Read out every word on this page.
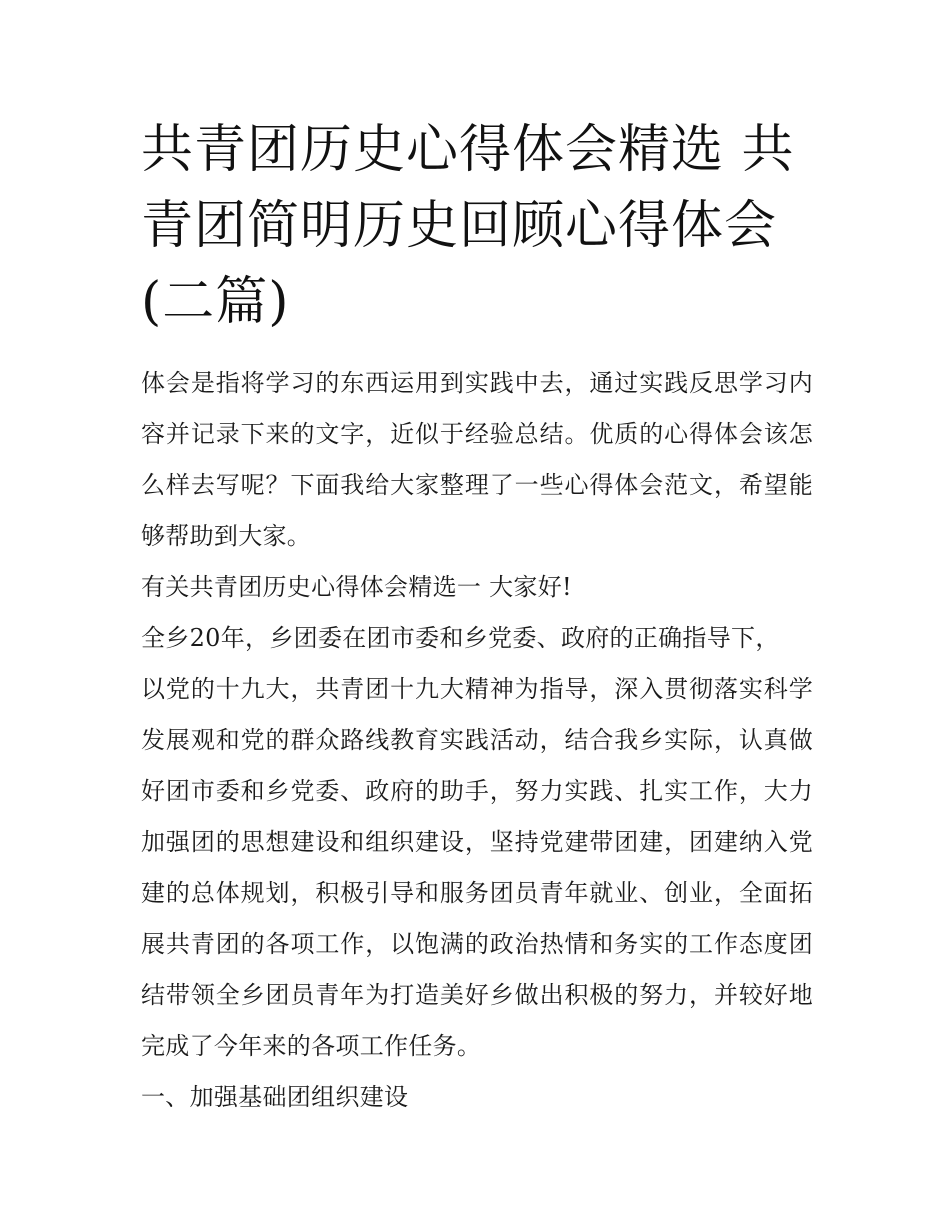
共青团历史心得体会精选 共青团简明历史回顾心得体会(二篇)

体会是指将学习的东西运用到实践中去，通过实践反思学习内容并记录下来的文字，近似于经验总结。优质的心得体会该怎么样去写呢？下面我给大家整理了一些心得体会范文，希望能够帮助到大家。

有关共青团历史心得体会精选一 大家好!

全乡20年，乡团委在团市委和乡党委、政府的正确指导下，

以党的十九大，共青团十九大精神为指导，深入贯彻落实科学发展观和党的群众路线教育实践活动，结合我乡实际，认真做好团市委和乡党委、政府的助手，努力实践、扎实工作，大力加强团的思想建设和组织建设，坚持党建带团建，团建纳入党建的总体规划，积极引导和服务团员青年就业、创业，全面拓展共青团的各项工作，以饱满的政治热情和务实的工作态度团结带领全乡团员青年为打造美好乡做出积极的努力，并较好地完成了今年来的各项工作任务。

一、加强基础团组织建设
